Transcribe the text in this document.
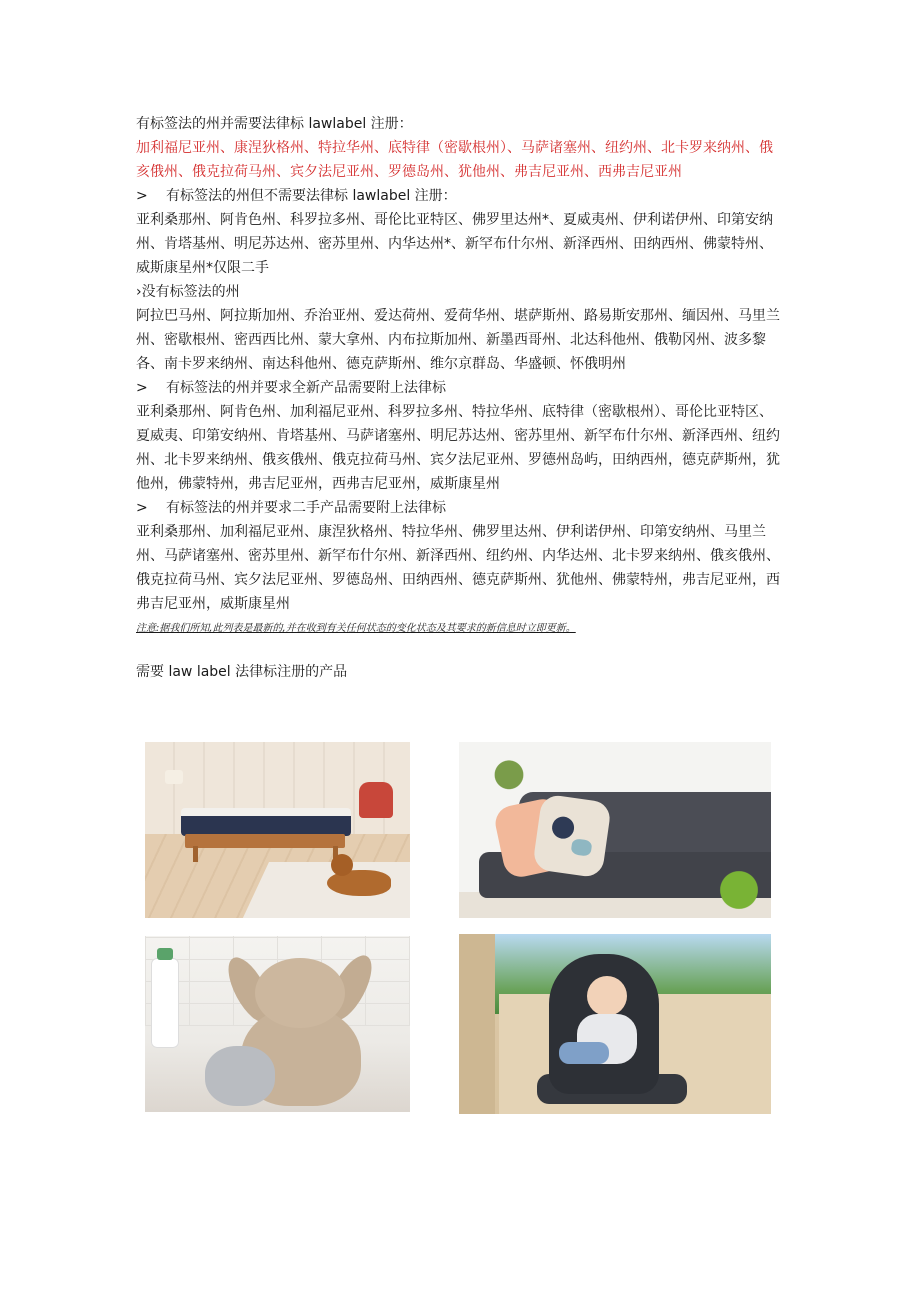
有标签法的州并需要法律标 lawlabel 注册：

加利福尼亚州、康涅狄格州、特拉华州、底特律（密歇根州）、马萨诸塞州、纽约州、北卡罗来纳州、俄亥俄州、俄克拉荷马州、宾夕法尼亚州、罗德岛州、犹他州、弗吉尼亚州、西弗吉尼亚州

>	有标签法的州但不需要法律标 lawlabel 注册：

亚利桑那州、阿肯色州、科罗拉多州、哥伦比亚特区、佛罗里达州*、夏威夷州、伊利诺伊州、印第安纳州、肯塔基州、明尼苏达州、密苏里州、内华达州*、新罕布什尔州、新泽西州、田纳西州、佛蒙特州、威斯康星州*仅限二手

›没有标签法的州

阿拉巴马州、阿拉斯加州、乔治亚州、爱达荷州、爱荷华州、堪萨斯州、路易斯安那州、缅因州、马里兰州、密歇根州、密西西比州、蒙大拿州、内布拉斯加州、新墨西哥州、北达科他州、俄勒冈州、波多黎各、南卡罗来纳州、南达科他州、德克萨斯州、维尔京群岛、华盛顿、怀俄明州

>	有标签法的州并要求全新产品需要附上法律标

亚利桑那州、阿肯色州、加利福尼亚州、科罗拉多州、特拉华州、底特律（密歇根州）、哥伦比亚特区、夏威夷、印第安纳州、肯塔基州、马萨诸塞州、明尼苏达州、密苏里州、新罕布什尔州、新泽西州、纽约州、北卡罗来纳州、俄亥俄州、俄克拉荷马州、宾夕法尼亚州、罗德州岛屿，田纳西州，德克萨斯州，犹他州，佛蒙特州，弗吉尼亚州，西弗吉尼亚州，威斯康星州

>	有标签法的州并要求二手产品需要附上法律标

亚利桑那州、加利福尼亚州、康涅狄格州、特拉华州、佛罗里达州、伊利诺伊州、印第安纳州、马里兰州、马萨诸塞州、密苏里州、新罕布什尔州、新泽西州、纽约州、内华达州、北卡罗来纳州、俄亥俄州、俄克拉荷马州、宾夕法尼亚州、罗德岛州、田纳西州、德克萨斯州、犹他州、佛蒙特州，弗吉尼亚州，西弗吉尼亚州，威斯康星州

注意:据我们所知,此列表是最新的,并在收到有关任何状态的变化状态及其要求的新信息时立即更新。

需要 law label 法律标注册的产品
